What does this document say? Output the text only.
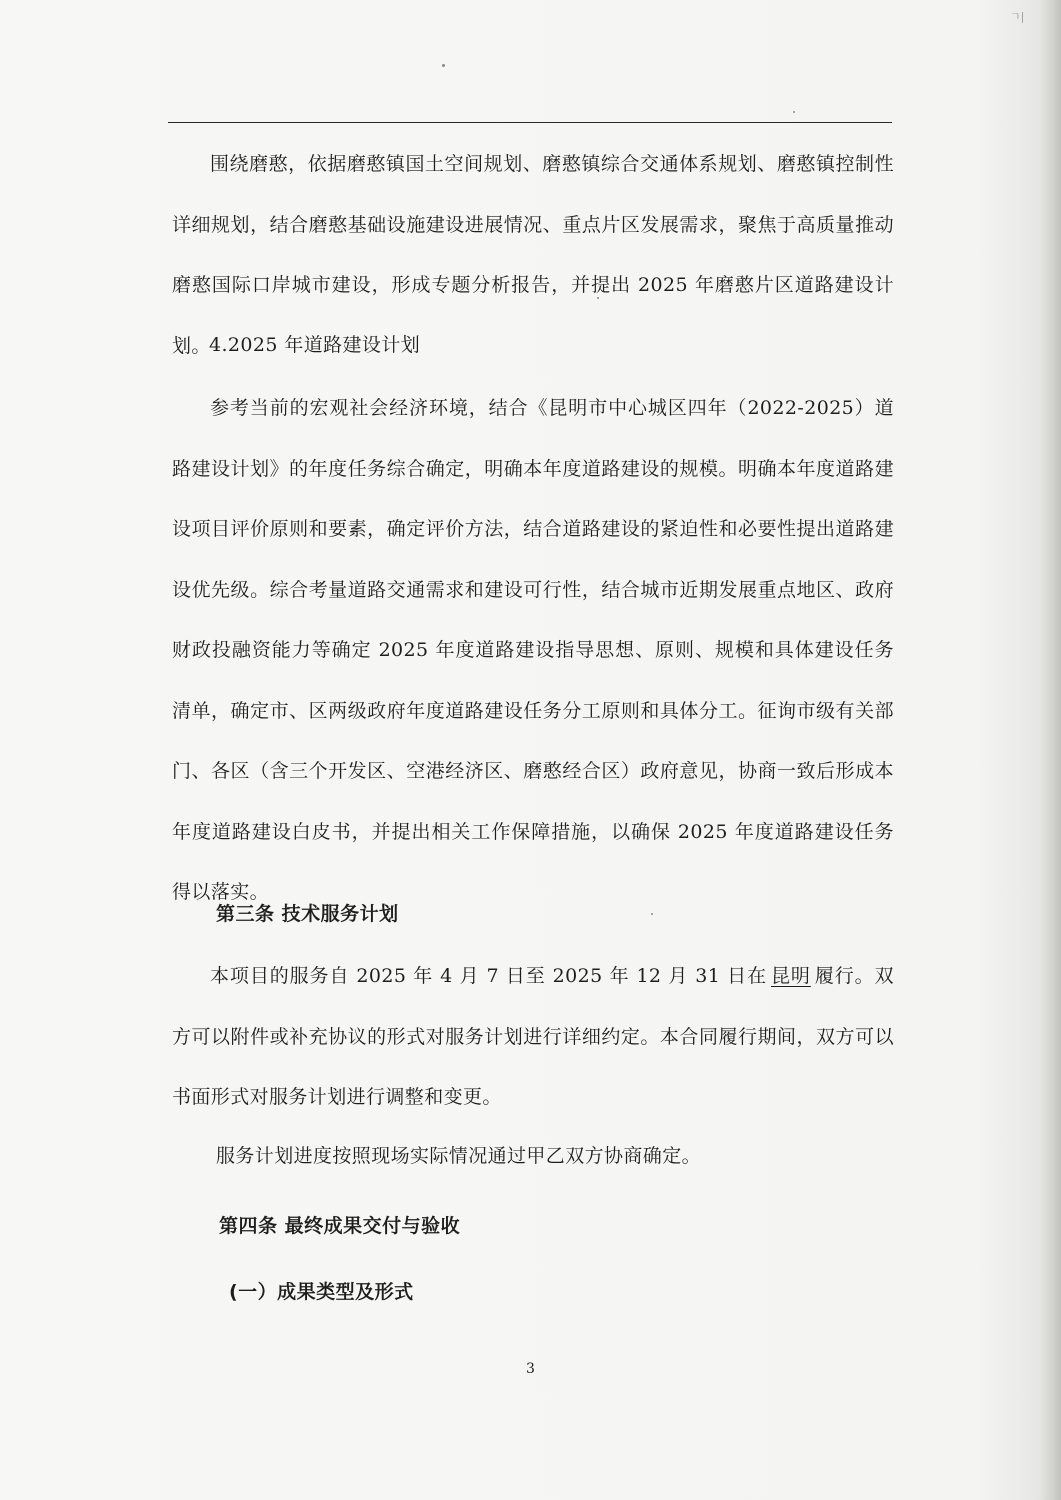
ㄱ|

围绕磨憨，依据磨憨镇国土空间规划、磨憨镇综合交通体系规划、磨憨镇控制性详细规划，结合磨憨基础设施建设进展情况、重点片区发展需求，聚焦于高质量推动磨憨国际口岸城市建设，形成专题分析报告，并提出 2025 年磨憨片区道路建设计划。

4.2025 年道路建设计划

参考当前的宏观社会经济环境，结合《昆明市中心城区四年（2022-2025）道路建设计划》的年度任务综合确定，明确本年度道路建设的规模。明确本年度道路建设项目评价原则和要素，确定评价方法，结合道路建设的紧迫性和必要性提出道路建设优先级。综合考量道路交通需求和建设可行性，结合城市近期发展重点地区、政府财政投融资能力等确定 2025 年度道路建设指导思想、原则、规模和具体建设任务清单，确定市、区两级政府年度道路建设任务分工原则和具体分工。征询市级有关部门、各区（含三个开发区、空港经济区、磨憨经合区）政府意见，协商一致后形成本年度道路建设白皮书，并提出相关工作保障措施，以确保 2025 年度道路建设任务得以落实。

第三条 技术服务计划

本项目的服务自 2025 年 4 月 7 日至 2025 年 12 月 31 日在 昆明 履行。双方可以附件或补充协议的形式对服务计划进行详细约定。本合同履行期间，双方可以书面形式对服务计划进行调整和变更。

服务计划进度按照现场实际情况通过甲乙双方协商确定。
第四条 最终成果交付与验收
(一）成果类型及形式
3
